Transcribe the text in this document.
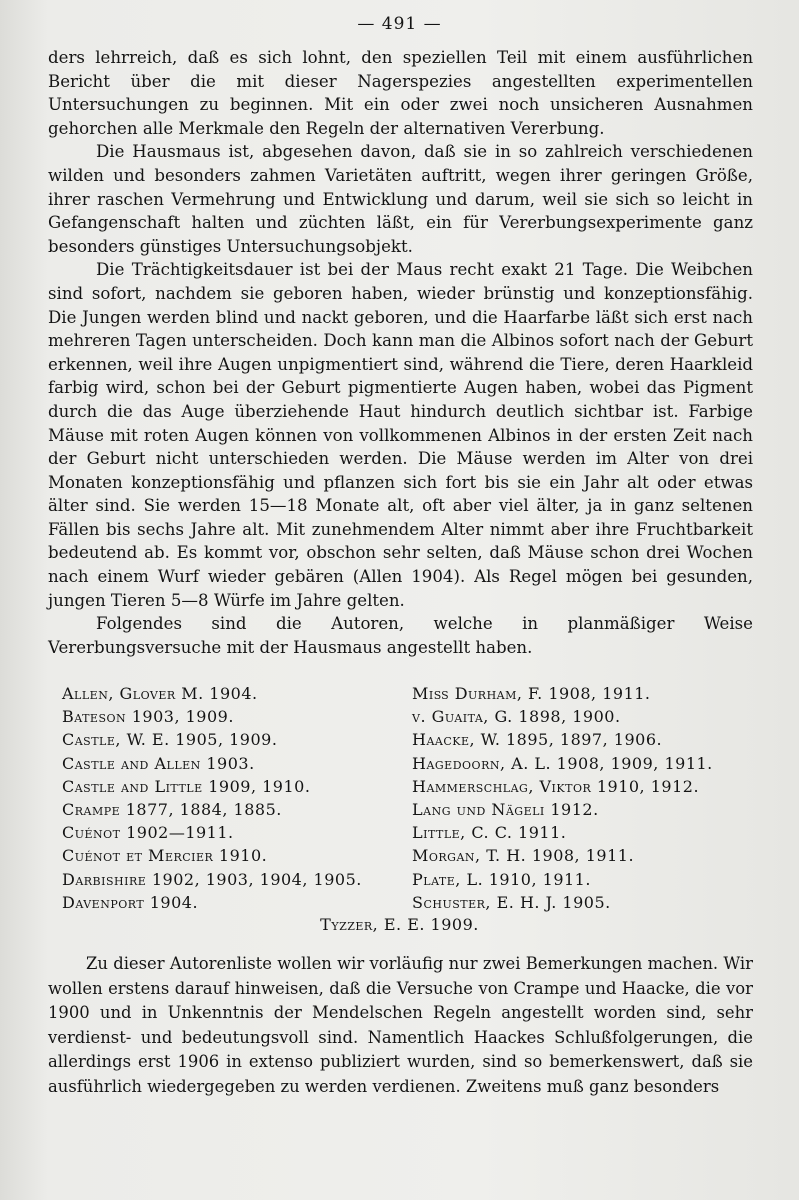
— 491 —

ders lehrreich, daß es sich lohnt, den speziellen Teil mit einem ausführlichen Bericht über die mit dieser Nagerspezies angestellten experimentellen Untersuchungen zu beginnen. Mit ein oder zwei noch unsicheren Ausnahmen gehorchen alle Merkmale den Regeln der alternativen Vererbung.

Die Hausmaus ist, abgesehen davon, daß sie in so zahlreich verschiedenen wilden und besonders zahmen Varietäten auftritt, wegen ihrer geringen Größe, ihrer raschen Vermehrung und Entwicklung und darum, weil sie sich so leicht in Gefangenschaft halten und züchten läßt, ein für Vererbungsexperimente ganz besonders günstiges Untersuchungsobjekt.

Die Trächtigkeitsdauer ist bei der Maus recht exakt 21 Tage. Die Weibchen sind sofort, nachdem sie geboren haben, wieder brünstig und konzeptionsfähig. Die Jungen werden blind und nackt geboren, und die Haarfarbe läßt sich erst nach mehreren Tagen unterscheiden. Doch kann man die Albinos sofort nach der Geburt erkennen, weil ihre Augen unpigmentiert sind, während die Tiere, deren Haarkleid farbig wird, schon bei der Geburt pigmentierte Augen haben, wobei das Pigment durch die das Auge überziehende Haut hindurch deutlich sichtbar ist. Farbige Mäuse mit roten Augen können von vollkommenen Albinos in der ersten Zeit nach der Geburt nicht unterschieden werden. Die Mäuse werden im Alter von drei Monaten konzeptionsfähig und pflanzen sich fort bis sie ein Jahr alt oder etwas älter sind. Sie werden 15—18 Monate alt, oft aber viel älter, ja in ganz seltenen Fällen bis sechs Jahre alt. Mit zunehmendem Alter nimmt aber ihre Fruchtbarkeit bedeutend ab. Es kommt vor, obschon sehr selten, daß Mäuse schon drei Wochen nach einem Wurf wieder gebären (Allen 1904). Als Regel mögen bei gesunden, jungen Tieren 5—8 Würfe im Jahre gelten.

Folgendes sind die Autoren, welche in planmäßiger Weise Vererbungsversuche mit der Hausmaus angestellt haben.

Allen, Glover M. 1904.
Bateson 1903, 1909.
Castle, W. E. 1905, 1909.
Castle and Allen 1903.
Castle and Little 1909, 1910.
Crampe 1877, 1884, 1885.
Cuénot 1902—1911.
Cuénot et Mercier 1910.
Darbishire 1902, 1903, 1904, 1905.
Davenport 1904.
Miß Durham, F. 1908, 1911.
v. Guaita, G. 1898, 1900.
Haacke, W. 1895, 1897, 1906.
Hagedoorn, A. L. 1908, 1909, 1911.
Hammerschlag, Viktor 1910, 1912.
Lang und Nägeli 1912.
Little, C. C. 1911.
Morgan, T. H. 1908, 1911.
Plate, L. 1910, 1911.
Schuster, E. H. J. 1905.
Tyzzer, E. E. 1909.

Zu dieser Autorenliste wollen wir vorläufig nur zwei Bemerkungen machen. Wir wollen erstens darauf hinweisen, daß die Versuche von Crampe und Haacke, die vor 1900 und in Unkenntnis der Mendelschen Regeln angestellt worden sind, sehr verdienst- und bedeutungsvoll sind. Namentlich Haackes Schlußfolgerungen, die allerdings erst 1906 in extenso publiziert wurden, sind so bemerkenswert, daß sie ausführlich wiedergegeben zu werden verdienen. Zweitens muß ganz besonders
